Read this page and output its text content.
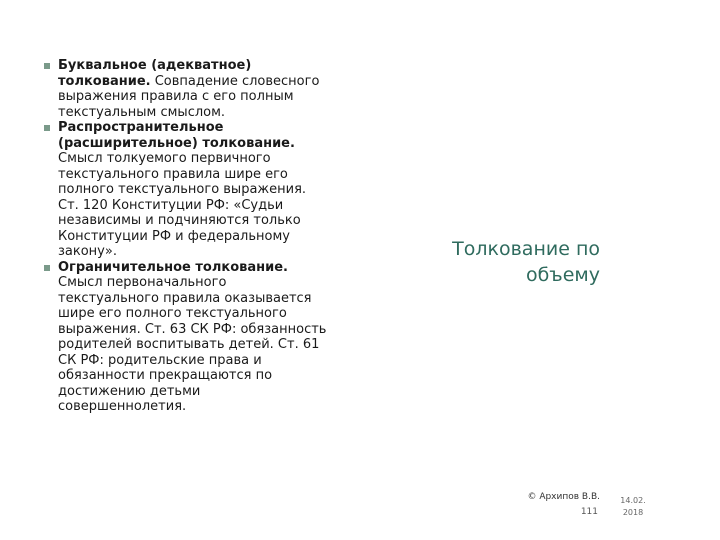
Буквальное (адекватное) толкование. Совпадение словесного выражения правила с его полным текстуальным смыслом.
Распространительное (расширительное) толкование. Смысл толкуемого первичного текстуального правила шире его полного текстуального выражения. Ст. 120 Конституции РФ: «Судьи независимы и подчиняются только Конституции РФ и федеральному закону».
Ограничительное толкование. Смысл первоначального текстуального правила оказывается шире его полного текстуального выражения. Ст. 63 СК РФ: обязанность родителей воспитывать детей. Ст. 61 СК РФ: родительские права и обязанности прекращаются по достижению детьми совершеннолетия.
Толкование по
объему
© Архипов В.В.
111
14.02.
2018
